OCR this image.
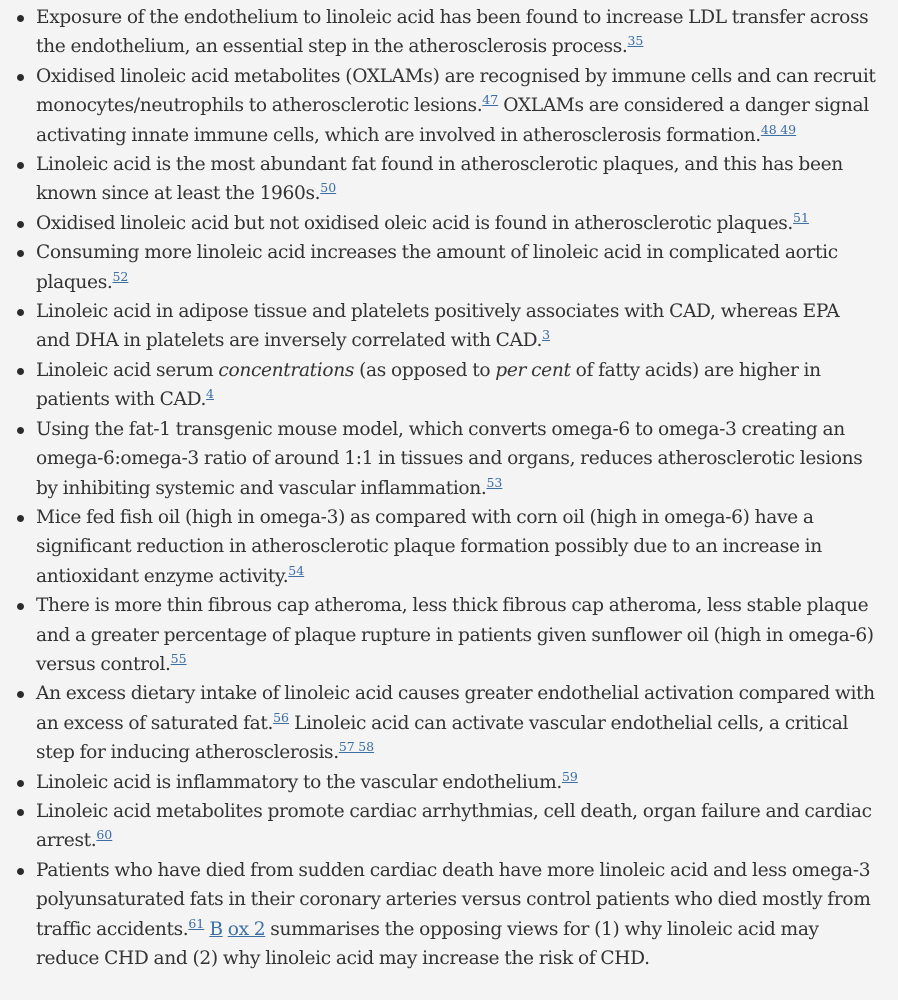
Exposure of the endothelium to linoleic acid has been found to increase LDL transfer across the endothelium, an essential step in the atherosclerosis process.$^{35}$
Oxidised linoleic acid metabolites (OXLAMs) are recognised by immune cells and can recruit monocytes/neutrophils to atherosclerotic lesions.$^{47}$ OXLAMs are considered a danger signal activating innate immune cells, which are involved in atherosclerosis formation.$^{48 49}$
Linoleic acid is the most abundant fat found in atherosclerotic plaques, and this has been known since at least the 1960s.$^{50}$
Oxidised linoleic acid but not oxidised oleic acid is found in atherosclerotic plaques.$^{51}$
Consuming more linoleic acid increases the amount of linoleic acid in complicated aortic plaques.$^{52}$
Linoleic acid in adipose tissue and platelets positively associates with CAD, whereas EPA and DHA in platelets are inversely correlated with CAD.$^3$
Linoleic acid serum concentrations (as opposed to per cent of fatty acids) are higher in patients with CAD.$^4$
Using the fat-1 transgenic mouse model, which converts omega-6 to omega-3 creating an omega-6:omega-3 ratio of around 1:1 in tissues and organs, reduces atherosclerotic lesions by inhibiting systemic and vascular inflammation.$^{53}$
Mice fed fish oil (high in omega-3) as compared with corn oil (high in omega-6) have a significant reduction in atherosclerotic plaque formation possibly due to an increase in antioxidant enzyme activity.$^{54}$
There is more thin fibrous cap atheroma, less thick fibrous cap atheroma, less stable plaque and a greater percentage of plaque rupture in patients given sunflower oil (high in omega-6) versus control.$^{55}$
An excess dietary intake of linoleic acid causes greater endothelial activation compared with an excess of saturated fat.$^{56}$ Linoleic acid can activate vascular endothelial cells, a critical step for inducing atherosclerosis.$^{57 58}$
Linoleic acid is inflammatory to the vascular endothelium.$^{59}$
Linoleic acid metabolites promote cardiac arrhythmias, cell death, organ failure and cardiac arrest.$^{60}$
Patients who have died from sudden cardiac death have more linoleic acid and less omega-3 polyunsaturated fats in their coronary arteries versus control patients who died mostly from traffic accidents.$^{61}$ B ox 2 summarises the opposing views for (1) why linoleic acid may reduce CHD and (2) why linoleic acid may increase the risk of CHD.
